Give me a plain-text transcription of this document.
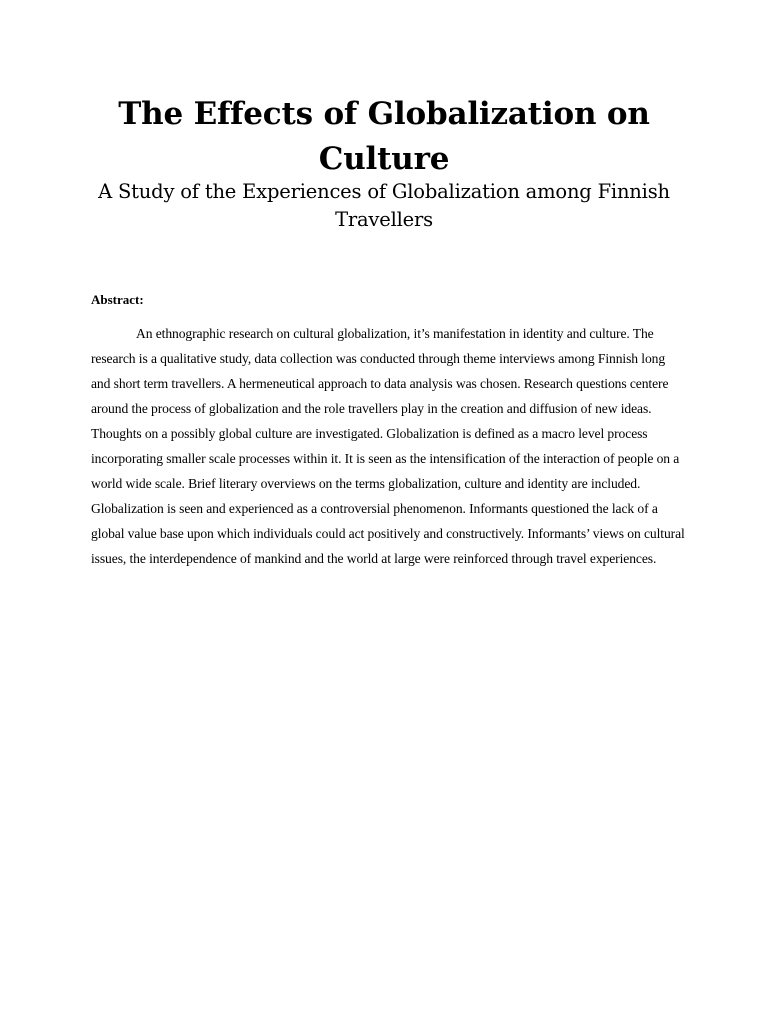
The Effects of Globalization on Culture
A Study of the Experiences of Globalization among Finnish Travellers

Abstract:

An ethnographic research on cultural globalization, it’s manifestation in identity and culture. The research is a qualitative study, data collection was conducted through theme interviews among Finnish long and short term travellers. A hermeneutical approach to data analysis was chosen. Research questions centere around the process of globalization and the role travellers play in the creation and diffusion of new ideas. Thoughts on a possibly global culture are investigated. Globalization is defined as a macro level process incorporating smaller scale processes within it. It is seen as the intensification of the interaction of people on a world wide scale. Brief literary overviews on the terms globalization, culture and identity are included. Globalization is seen and experienced as a controversial phenomenon. Informants questioned the lack of a global value base upon which individuals could act positively and constructively. Informants’ views on cultural issues, the interdependence of mankind and the world at large were reinforced through travel experiences.
